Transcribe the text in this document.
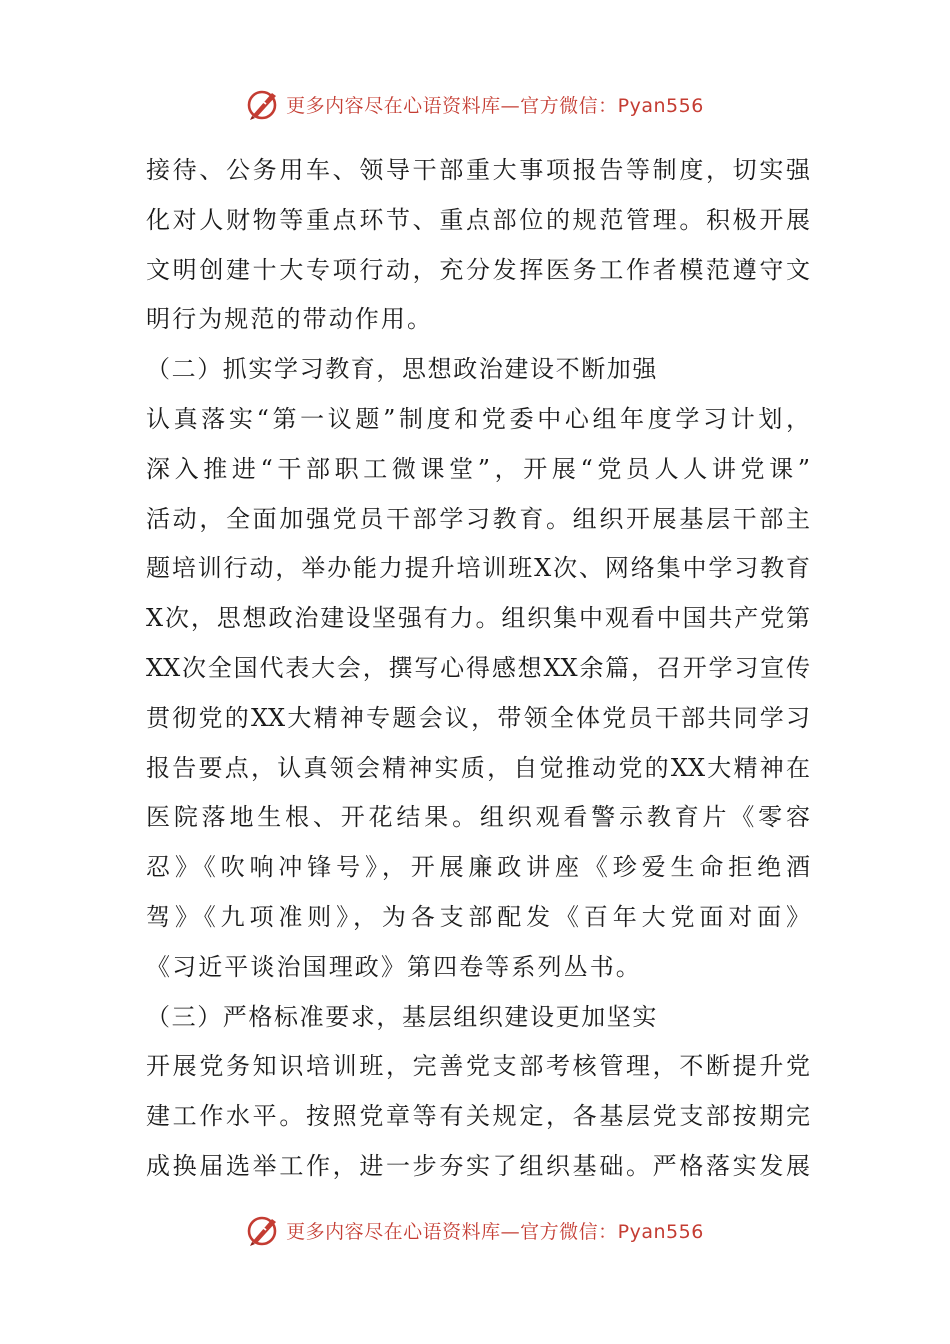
更多内容尽在心语资料库—官方微信：Pyan556
接待、公务用车、领导干部重大事项报告等制度，切实强
化对人财物等重点环节、重点部位的规范管理。积极开展
文明创建十大专项行动，充分发挥医务工作者模范遵守文
明行为规范的带动作用。
（二）抓实学习教育，思想政治建设不断加强
认真落实“第一议题”制度和党委中心组年度学习计划，
深入推进“干部职工微课堂”，开展“党员人人讲党课”
活动，全面加强党员干部学习教育。组织开展基层干部主
题培训行动，举办能力提升培训班X次、网络集中学习教育
X次，思想政治建设坚强有力。组织集中观看中国共产党第
XX次全国代表大会，撰写心得感想XX余篇，召开学习宣传
贯彻党的XX大精神专题会议，带领全体党员干部共同学习
报告要点，认真领会精神实质，自觉推动党的XX大精神在
医院落地生根、开花结果。组织观看警示教育片《零容
忍》《吹响冲锋号》，开展廉政讲座《珍爱生命拒绝酒
驾》《九项准则》，为各支部配发《百年大党面对面》
《习近平谈治国理政》第四卷等系列丛书。
（三）严格标准要求，基层组织建设更加坚实
开展党务知识培训班，完善党支部考核管理，不断提升党
建工作水平。按照党章等有关规定，各基层党支部按期完
成换届选举工作，进一步夯实了组织基础。严格落实发展
更多内容尽在心语资料库—官方微信：Pyan556
